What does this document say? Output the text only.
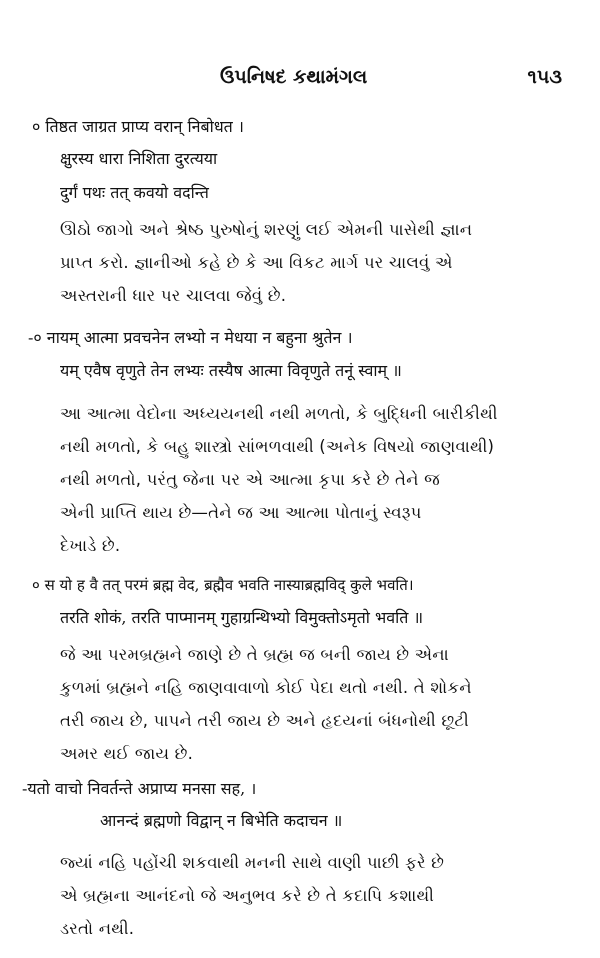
ઉપનિષદ કથામંગલ	૧૫૩
० तिष्ठत जाग्रत प्राप्य वरान् निबोधत ।
क्षुरस्य धारा निशिता दुरत्यया
दुर्गं पथः तत् कवयो वदन्ति
ઊઠો જાગો અને શ્રેષ્ઠ પુરુષોનું શરણું લઈ એમની પાસેથી જ્ઞાન
પ્રાપ્ત કરો. જ્ઞાનીઓ કહે છે કે આ વિકટ માર્ગ પર ચાલવું એ
અસ્તરાની ધાર પર ચાલવા જેવું છે.
-० नायम् आत्मा प्रवचनेन लभ्यो न मेधया न बहुना श्रुतेन ।
यम् एवैष वृणुते तेन लभ्यः तस्यैष आत्मा विवृणुते तनूं स्वाम् ॥
આ આત્મા વેદોના અધ્યયનથી નથી મળતો, કે બુદ્ધિની બારીકીથી
નથી મળતો, કે બહુ શાસ્ત્રો સાંભળવાથી (અનેક વિષયો જાણવાથી)
નથી મળતો, પરંતુ જેના પર એ આત્મા કૃપા કરે છે તેને જ
એની પ્રાપ્તિ થાય છે—તેને જ આ આત્મા પોતાનું સ્વરૂપ
દેખાડે છે.
० स यो ह वै तत् परमं ब्रह्म वेद, ब्रह्मैव भवति नास्याब्रह्मविद् कुले भवति।
तरति शोकं, तरति पाप्मानम् गुहाग्रन्थिभ्यो विमुक्तोऽमृतो भवति ॥
જે આ પરમબ્રહ્મને જાણે છે તે બ્રહ્મ જ બની જાય છે એના
કુળમાં બ્રહ્મને નહિ જાણવાવાળો કોઈ પેદા થતો નથી. તે શોકને
તરી જાય છે, પાપને તરી જાય છે અને હૃદયનાં બંધનોથી છૂટી
અમર થઈ જાય છે.
-यतो वाचो निवर्तन्ते अप्राप्य मनसा सह, ।
आनन्दं ब्रह्मणो विद्वान् न बिभेति कदाचन ॥
જ્યાં નહિ પહોંચી શકવાથી મનની સાથે વાણી પાછી ફરે છે
એ બ્રહ્મના આનંદનો જે અનુભવ કરે છે તે કદાપિ કશાથી
ડરતો નથી.
